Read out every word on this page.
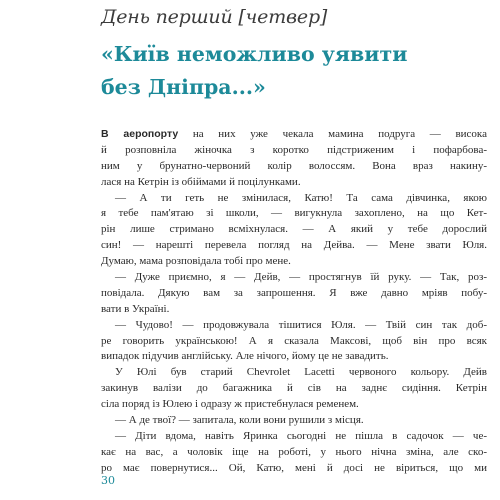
День перший [четвер]
«Київ неможливо уявити
без Дніпра...»
В аеропорту на них уже чекала мамина подруга — висока
й розповніла жіночка з коротко підстриженим і пофарбова-
ним у брунатно-червоний колір волоссям. Вона враз накину-
лася на Кетрін із обіймами й поцілунками.
— А ти геть не змінилася, Катю! Та сама дівчинка, якою
я тебе пам'ятаю зі школи, — вигукнула захоплено, на що Кет-
рін лише стримано всміхнулася. — А який у тебе дорослий
син! — нарешті перевела погляд на Дейва. — Мене звати Юля.
Думаю, мама розповідала тобі про мене.
— Дуже приємно, я — Дейв, — простягнув їй руку. — Так, роз-
повідала. Дякую вам за запрошення. Я вже давно мріяв побу-
вати в Україні.
— Чудово! — продовжувала тішитися Юля. — Твій син так доб-
ре говорить українською! А я сказала Максові, щоб він про всяк
випадок підучив англійську. Але нічого, йому це не завадить.
У Юлі був старий Chevrolet Lacetti червоного кольору. Дейв
закинув валізи до багажника й сів на заднє сидіння. Кетрін
сіла поряд із Юлею і одразу ж пристебнулася ременем.
— А де твої? — запитала, коли вони рушили з місця.
— Діти вдома, навіть Яринка сьогодні не пішла в садочок — че-
кає на вас, а чоловік іще на роботі, у нього нічна зміна, але ско-
ро має повернутися... Ой, Катю, мені й досі не віриться, що ми
30
